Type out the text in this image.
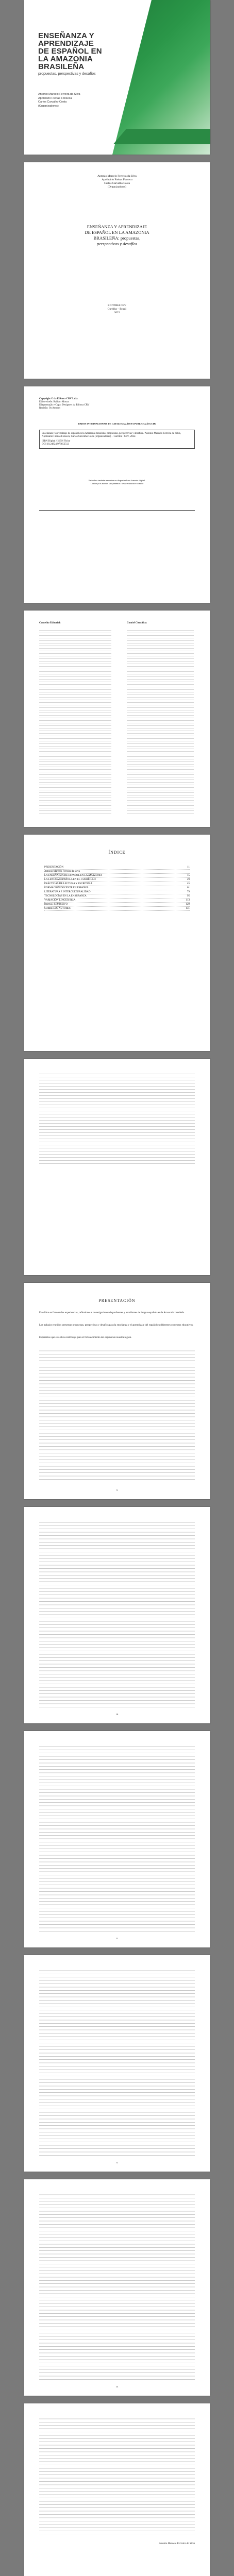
ENSEÑANZA Y
APRENDIZAJE
DE ESPAÑOL EN
LA AMAZONIA
BRASILEÑA
propuestas, perspectivas y desafíos
Antonio Marcelo Ferreira da Silva
Apolinário Freitas Fonseca
Carlos Carvalho Costa
(Organizadores)
Antonio Marcelo Ferreira da Silva
Apolinário Freitas Fonseca
Carlos Carvalho Costa
(Organizadores)
ENSEÑANZA Y APRENDIZAJE
DE ESPAÑOL EN LA AMAZONIA
BRASILEÑA: propuestas,
perspectivas y desafíos
EDITORA CRV
Curitiba – Brasil
2022
Copyright © da Editora CRV Ltda.
Editor-chefe: Railson Moura
Diagramação e Capa: Designers da Editora CRV
Revisão: Os Autores
DADOS INTERNACIONAIS DE CATALOGAÇÃO NA PUBLICAÇÃO (CIP)
Enseñanza y aprendizaje de español en la Amazonia brasileña: propuestas, perspectivas y desafíos / Antonio Marcelo Ferreira da Silva, Apolinário Freitas Fonseca, Carlos Carvalho Costa (organizadores) – Curitiba : CRV, 2022.
ISBN Digital / ISBN Físico
DOI 10.24824/978652512
Esta obra também encontra-se disponível em formato digital.
Conheça os nossos lançamentos: www.editoracrv.com.br
Conselho Editorial:	Comitê Científico:
ÍNDICE
PRESENTACIÓN	11
Antonio Marcelo Ferreira da Silva
LA ENSEÑANZA DE ESPAÑOL EN LA AMAZONIA	15
LA LENGUA ESPAÑOLA EN EL CURRÍCULO	29
PRÁCTICAS DE LECTURA Y ESCRITURA	45
FORMACIÓN DOCENTE EN ESPAÑOL	61
LITERATURA E INTERCULTURALIDAD	79
TECNOLOGÍAS EN LA ENSEÑANZA	95
VARIACIÓN LINGÜÍSTICA	113
ÍNDICE REMISSIVO	129
SOBRE LOS AUTORES	131
PRESENTACIÓN
Este libro es fruto de las experiencias, reflexiones e investigaciones de profesores y estudiantes de lengua española en la Amazonia brasileña.
Los trabajos reunidos presentan propuestas, perspectivas y desafíos para la enseñanza y el aprendizaje del español en diferentes contextos educativos.
Esperamos que esta obra contribuya para el fortalecimiento del español en nuestra región.
9
10
11
12
13
Antonio Marcelo Ferreira da Silva
